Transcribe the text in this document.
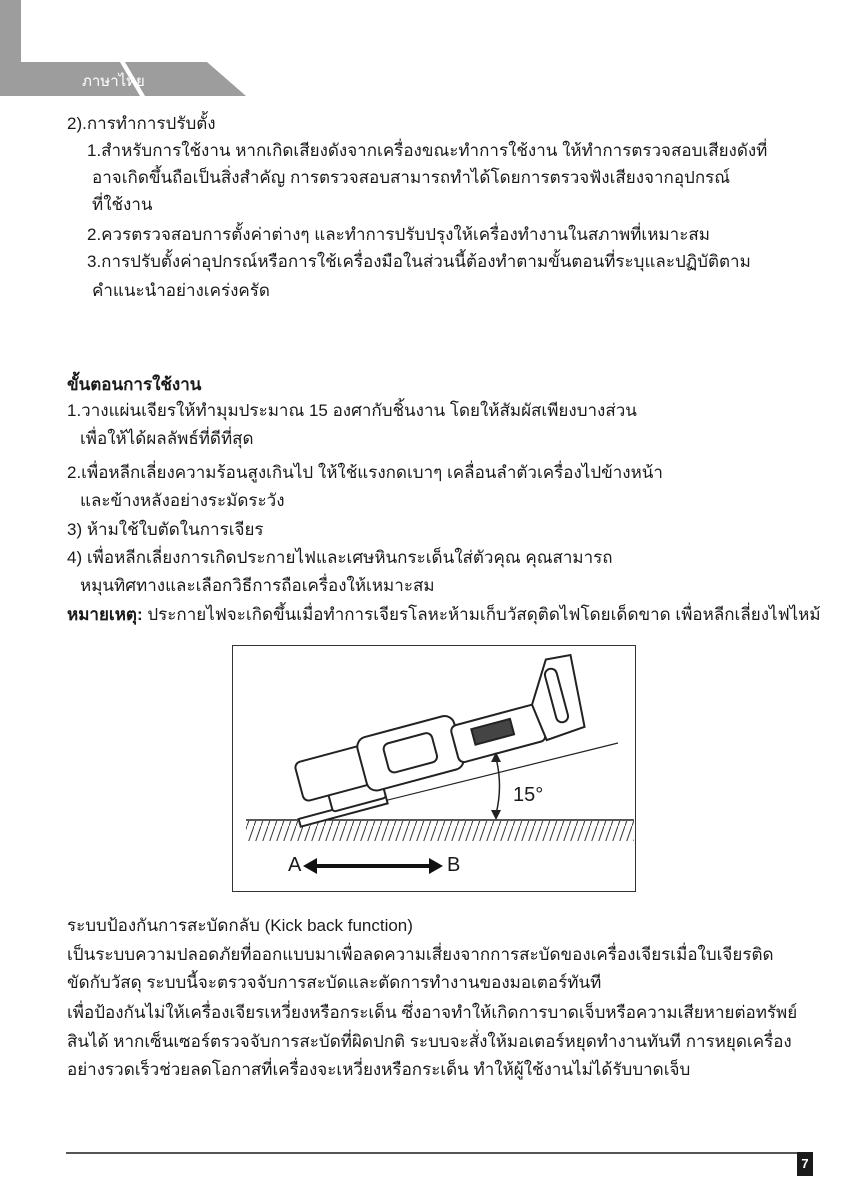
ภาษาไทย
2).การทำการปรับตั้ง
1.สำหรับการใช้งาน หากเกิดเสียงดังจากเครื่องขณะทำการใช้งาน ให้ทำการตรวจสอบเสียงดังที่
อาจเกิดขึ้นถือเป็นสิ่งสำคัญ การตรวจสอบสามารถทำได้โดยการตรวจฟังเสียงจากอุปกรณ์
ที่ใช้งาน
2.ควรตรวจสอบการตั้งค่าต่างๆ และทำการปรับปรุงให้เครื่องทำงานในสภาพที่เหมาะสม
3.การปรับตั้งค่าอุปกรณ์หรือการใช้เครื่องมือในส่วนนี้ต้องทำตามขั้นตอนที่ระบุและปฏิบัติตาม
คำแนะนำอย่างเคร่งครัด
ขั้นตอนการใช้งาน
1.วางแผ่นเจียรให้ทำมุมประมาณ 15 องศากับชิ้นงาน โดยให้สัมผัสเพียงบางส่วน
เพื่อให้ได้ผลลัพธ์ที่ดีที่สุด
2.เพื่อหลีกเลี่ยงความร้อนสูงเกินไป ให้ใช้แรงกดเบาๆ เคลื่อนลำตัวเครื่องไปข้างหน้า
และข้างหลังอย่างระมัดระวัง
3) ห้ามใช้ใบตัดในการเจียร
4) เพื่อหลีกเลี่ยงการเกิดประกายไฟและเศษหินกระเด็นใส่ตัวคุณ คุณสามารถ
หมุนทิศทางและเลือกวิธีการถือเครื่องให้เหมาะสม
หมายเหตุ: ประกายไฟจะเกิดขึ้นเมื่อทำการเจียรโลหะห้ามเก็บวัสดุติดไฟโดยเด็ดขาด เพื่อหลีกเลี่ยงไฟไหม้
15°
A	B
ระบบป้องกันการสะบัดกลับ (Kick back function)
เป็นระบบความปลอดภัยที่ออกแบบมาเพื่อลดความเสี่ยงจากการสะบัดของเครื่องเจียรเมื่อใบเจียรติด
ขัดกับวัสดุ ระบบนี้จะตรวจจับการสะบัดและตัดการทำงานของมอเตอร์ทันที
เพื่อป้องกันไม่ให้เครื่องเจียรเหวี่ยงหรือกระเด็น ซึ่งอาจทำให้เกิดการบาดเจ็บหรือความเสียหายต่อทรัพย์
สินได้ หากเซ็นเซอร์ตรวจจับการสะบัดที่ผิดปกติ ระบบจะสั่งให้มอเตอร์หยุดทำงานทันที การหยุดเครื่อง
อย่างรวดเร็วช่วยลดโอกาสที่เครื่องจะเหวี่ยงหรือกระเด็น ทำให้ผู้ใช้งานไม่ได้รับบาดเจ็บ
7
